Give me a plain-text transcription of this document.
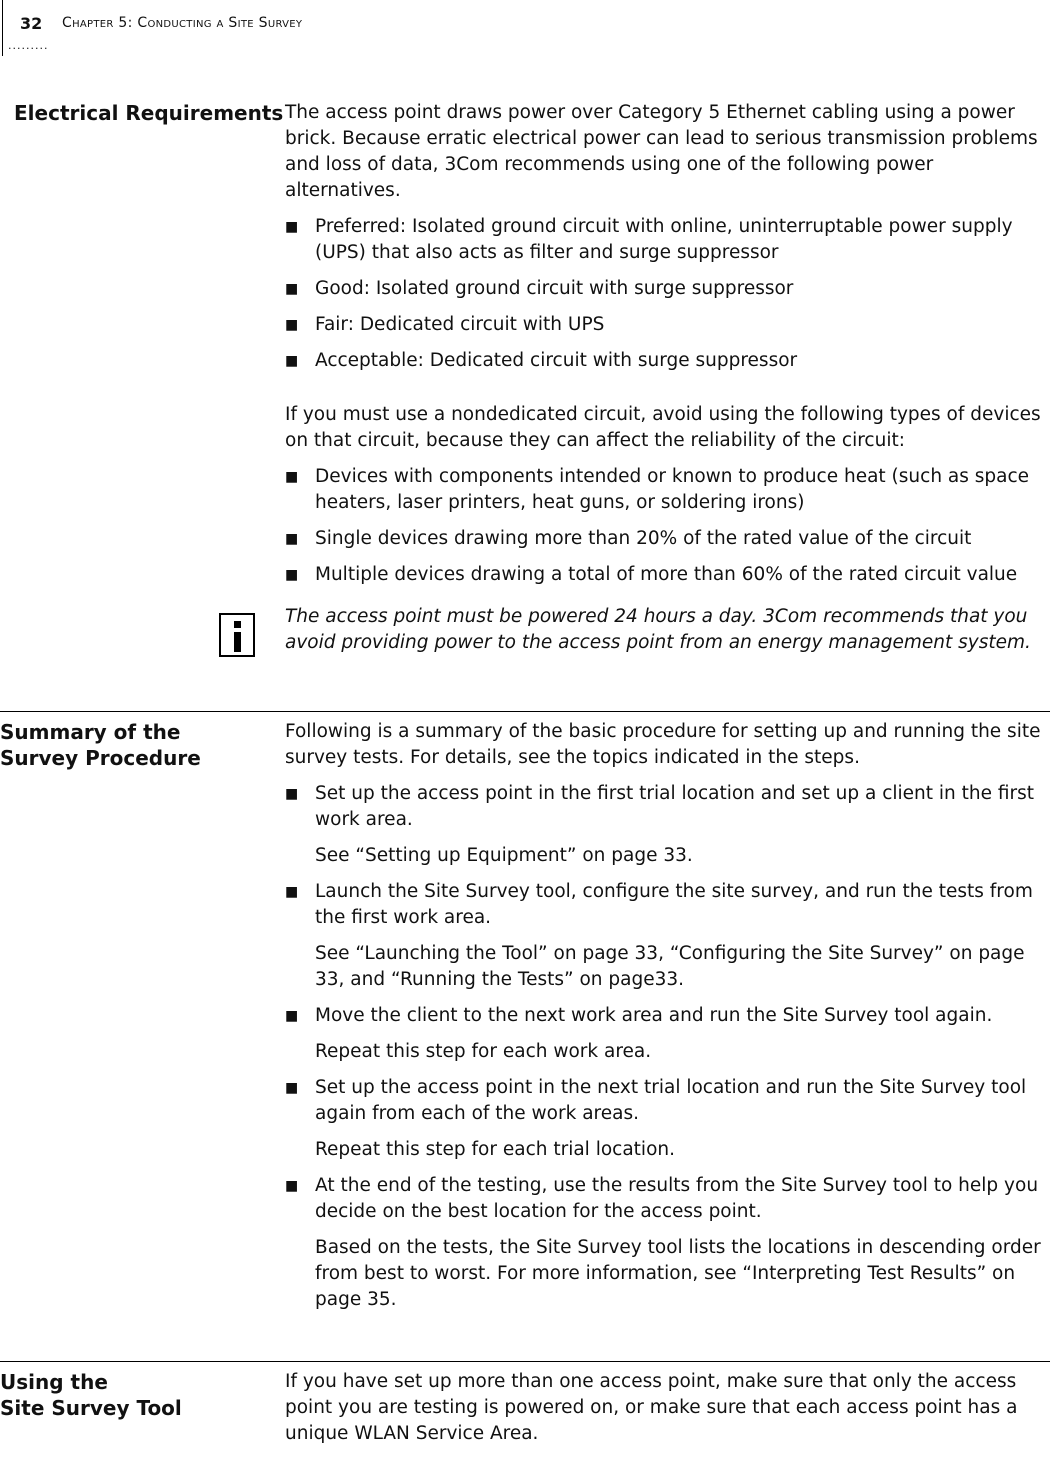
32
·········
Chapter 5: Conducting a Site Survey
Electrical Requirements The access point draws power over Category 5 Ethernet cabling using a power brick. Because erratic electrical power can lead to serious transmission problems and loss of data, 3Com recommends using one of the following power alternatives.

■ Preferred: Isolated ground circuit with online, uninterruptable power supply (UPS) that also acts as filter and surge suppressor
■ Good: Isolated ground circuit with surge suppressor
■ Fair: Dedicated circuit with UPS
■ Acceptable: Dedicated circuit with surge suppressor

If you must use a nondedicated circuit, avoid using the following types of devices on that circuit, because they can affect the reliability of the circuit:

■ Devices with components intended or known to produce heat (such as space heaters, laser printers, heat guns, or soldering irons)
■ Single devices drawing more than 20% of the rated value of the circuit
■ Multiple devices drawing a total of more than 60% of the rated circuit value
The access point must be powered 24 hours a day. 3Com recommends that you avoid providing power to the access point from an energy management system.
Summary of the
Survey Procedure

Following is a summary of the basic procedure for setting up and running the site survey tests. For details, see the topics indicated in the steps.

■ Set up the access point in the first trial location and set up a client in the first work area.
See “Setting up Equipment” on page 33.
■ Launch the Site Survey tool, configure the site survey, and run the tests from the first work area.
See “Launching the Tool” on page 33, “Configuring the Site Survey” on page 33, and “Running the Tests” on page33.
■ Move the client to the next work area and run the Site Survey tool again.
Repeat this step for each work area.
■ Set up the access point in the next trial location and run the Site Survey tool again from each of the work areas.
Repeat this step for each trial location.
■ At the end of the testing, use the results from the Site Survey tool to help you decide on the best location for the access point.
Based on the tests, the Site Survey tool lists the locations in descending order from best to worst. For more information, see “Interpreting Test Results” on page 35.
Using the
Site Survey Tool

If you have set up more than one access point, make sure that only the access point you are testing is powered on, or make sure that each access point has a unique WLAN Service Area.
